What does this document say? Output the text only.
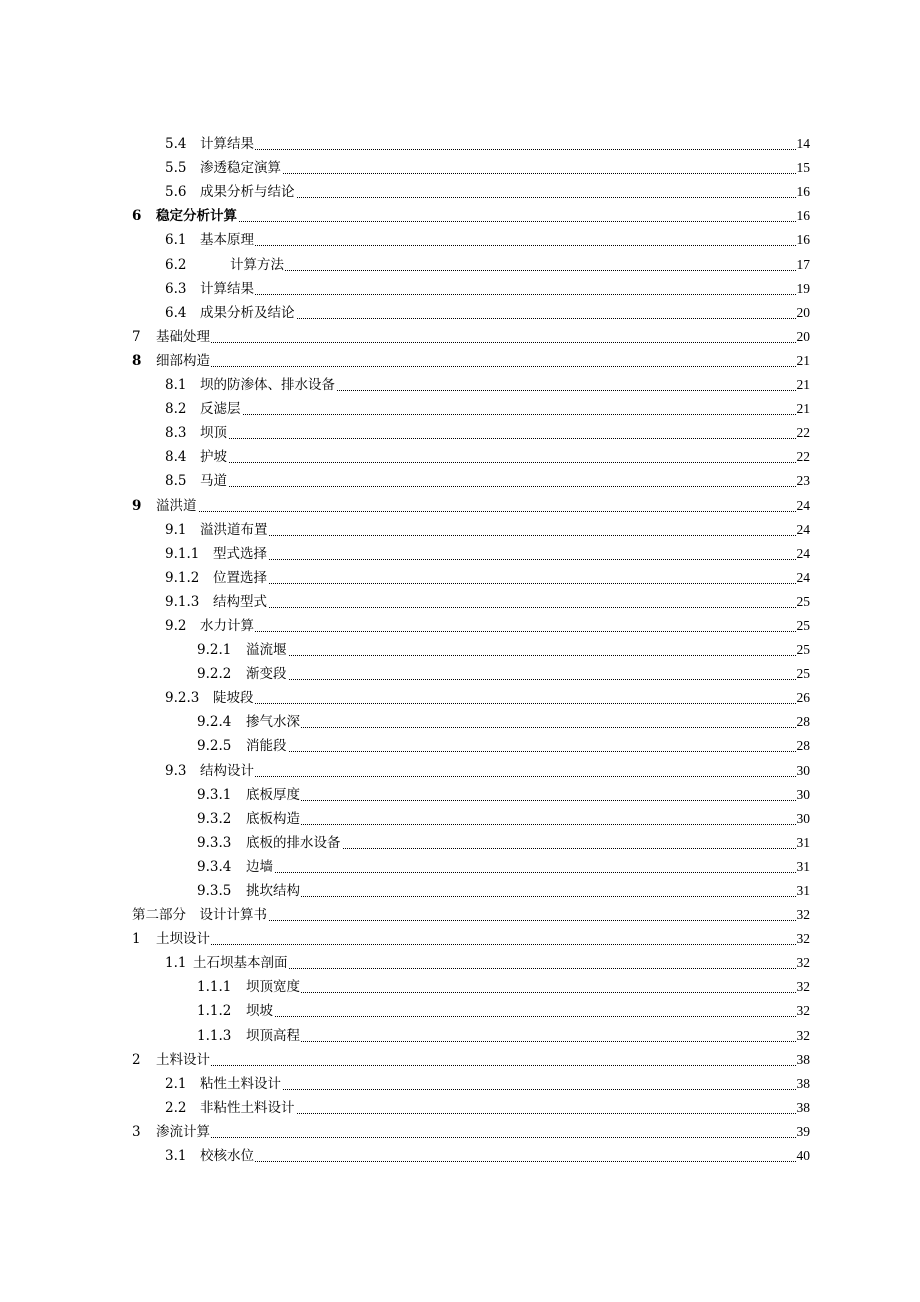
5.4 计算结果	14
5.5 渗透稳定演算	15
5.6 成果分析与结论	16
6 稳定分析计算	16
6.1 基本原理	16
6.2	计算方法	17
6.3 计算结果	19
6.4 成果分析及结论	20
7 基础处理	20
8 细部构造	21
8.1 坝的防渗体、排水设备	21
8.2 反滤层	21
8.3 坝顶	22
8.4 护坡	22
8.5 马道	23
9 溢洪道	24
9.1 溢洪道布置	24
9.1.1 型式选择	24
9.1.2 位置选择	24
9.1.3 结构型式	25
9.2 水力计算	25
9.2.1 溢流堰	25
9.2.2 渐变段	25
9.2.3 陡坡段	26
9.2.4 掺气水深	28
9.2.5 消能段	28
9.3 结构设计	30
9.3.1 底板厚度	30
9.3.2 底板构造	30
9.3.3 底板的排水设备	31
9.3.4 边墙	31
9.3.5 挑坎结构	31
第二部分　设计计算书	32
1 土坝设计	32
1.1 土石坝基本剖面	32
1.1.1 坝顶宽度	32
1.1.2 坝坡	32
1.1.3 坝顶高程	32
2 土料设计	38
2.1 粘性土料设计	38
2.2 非粘性土料设计	38
3 渗流计算	39
3.1 校核水位	40
